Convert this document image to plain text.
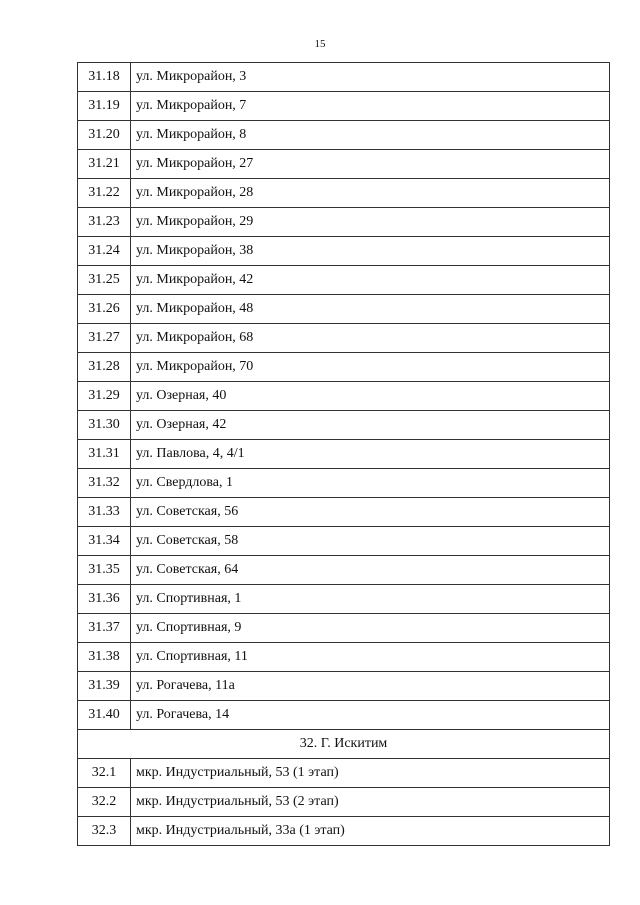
15
31.18	ул. Микрорайон, 3
31.19	ул. Микрорайон, 7
31.20	ул. Микрорайон, 8
31.21	ул. Микрорайон, 27
31.22	ул. Микрорайон, 28
31.23	ул. Микрорайон, 29
31.24	ул. Микрорайон, 38
31.25	ул. Микрорайон, 42
31.26	ул. Микрорайон, 48
31.27	ул. Микрорайон, 68
31.28	ул. Микрорайон, 70
31.29	ул. Озерная, 40
31.30	ул. Озерная, 42
31.31	ул. Павлова, 4, 4/1
31.32	ул. Свердлова, 1
31.33	ул. Советская, 56
31.34	ул. Советская, 58
31.35	ул. Советская, 64
31.36	ул. Спортивная, 1
31.37	ул. Спортивная, 9
31.38	ул. Спортивная, 11
31.39	ул. Рогачева, 11а
31.40	ул. Рогачева, 14
32. Г. Искитим	
32.1	мкр. Индустриальный, 53 (1 этап)
32.2	мкр. Индустриальный, 53 (2 этап)
32.3	мкр. Индустриальный, 33а (1 этап)
